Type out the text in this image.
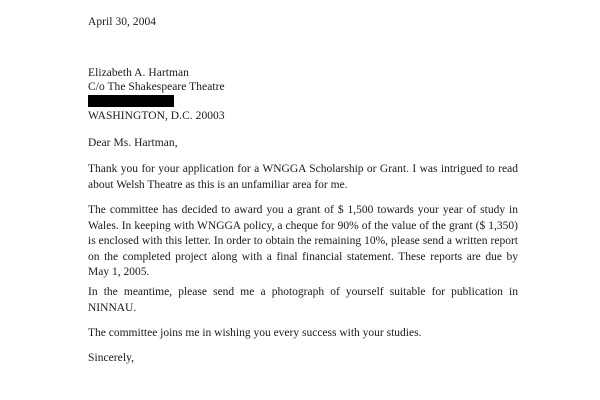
April 30, 2004
Elizabeth A. Hartman
C/o The Shakespeare Theatre
WASHINGTON, D.C. 20003
Dear Ms. Hartman,
Thank you for your application for a WNGGA Scholarship or Grant. I was intrigued to read about Welsh Theatre as this is an unfamiliar area for me.
The committee has decided to award you a grant of $ 1,500 towards your year of study in Wales. In keeping with WNGGA policy, a cheque for 90% of the value of the grant ($ 1,350) is enclosed with this letter. In order to obtain the remaining 10%, please send a written report on the completed project along with a final financial statement. These reports are due by May 1, 2005.
In the meantime, please send me a photograph of yourself suitable for publication in NINNAU.
The committee joins me in wishing you every success with your studies.
Sincerely,
